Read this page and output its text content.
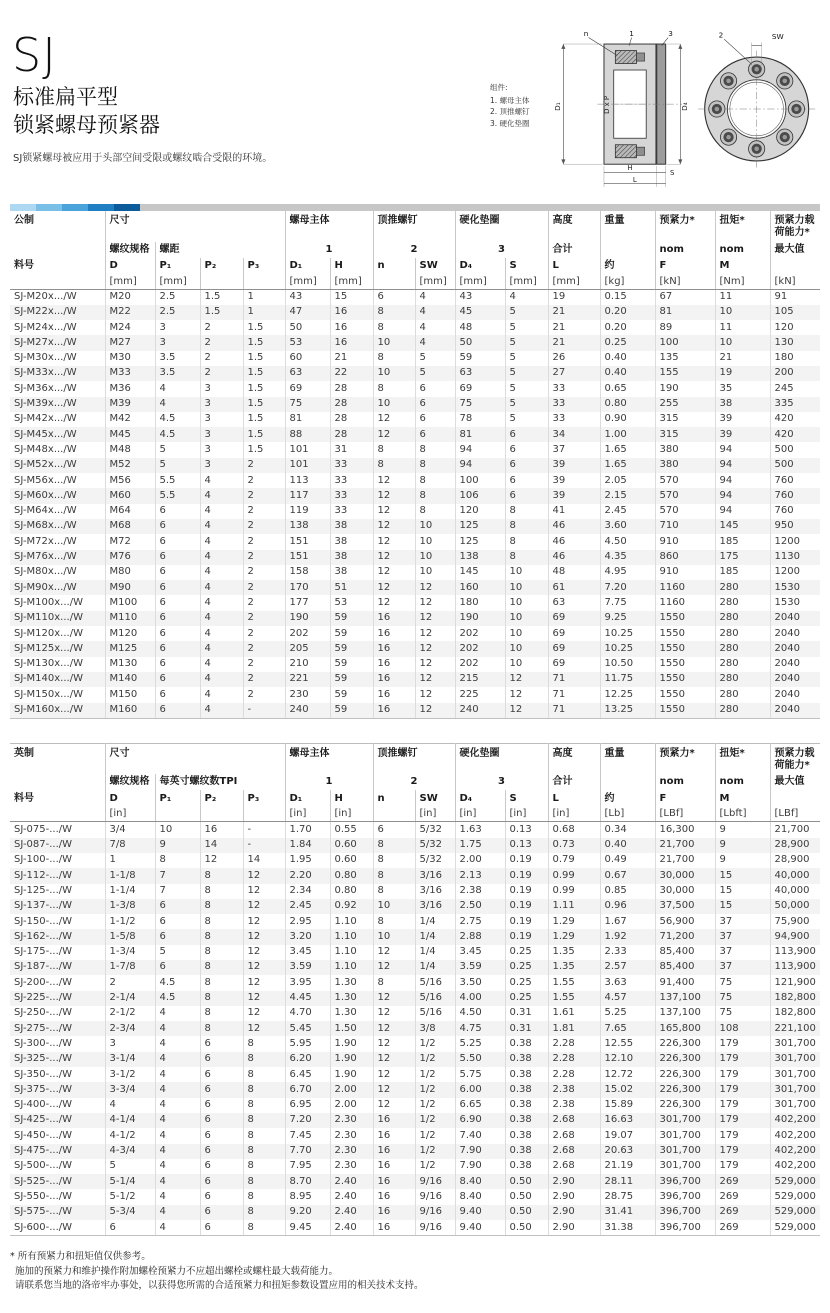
SJ
标准扁平型
锁紧螺母预紧器
SJ锁紧螺母被应用于头部空间受限或螺纹啮合受限的环境。
组件:
1. 螺母主体
2. 顶推螺钉
3. 硬化垫圈
D₁	D x P
n	1	3
D₄
H
S
L
2	SW
公制	尺寸				螺母主体		顶推螺钉		硬化垫圈		高度	重量	预紧力*	扭矩*	预紧力载荷能力*
	螺纹规格	螺距			1		2		3		合计		nom	nom	最大值
料号	D	P₁	P₂	P₃	D₁	H	n	SW	D₄	S	L	约	F	M	
	[mm]	[mm]			[mm]	[mm]		[mm]	[mm]	[mm]	[mm]	[kg]	[kN]	[Nm]	[kN]
SJ-M20x.../W	M20	2.5	1.5	1	43	15	6	4	43	4	19	0.15	67	11	91
SJ-M22x.../W	M22	2.5	1.5	1	47	16	8	4	45	5	21	0.20	81	10	105
SJ-M24x.../W	M24	3	2	1.5	50	16	8	4	48	5	21	0.20	89	11	120
SJ-M27x.../W	M27	3	2	1.5	53	16	10	4	50	5	21	0.25	100	10	130
SJ-M30x.../W	M30	3.5	2	1.5	60	21	8	5	59	5	26	0.40	135	21	180
SJ-M33x.../W	M33	3.5	2	1.5	63	22	10	5	63	5	27	0.40	155	19	200
SJ-M36x.../W	M36	4	3	1.5	69	28	8	6	69	5	33	0.65	190	35	245
SJ-M39x.../W	M39	4	3	1.5	75	28	10	6	75	5	33	0.80	255	38	335
SJ-M42x.../W	M42	4.5	3	1.5	81	28	12	6	78	5	33	0.90	315	39	420
SJ-M45x.../W	M45	4.5	3	1.5	88	28	12	6	81	6	34	1.00	315	39	420
SJ-M48x.../W	M48	5	3	1.5	101	31	8	8	94	6	37	1.65	380	94	500
SJ-M52x.../W	M52	5	3	2	101	33	8	8	94	6	39	1.65	380	94	500
SJ-M56x.../W	M56	5.5	4	2	113	33	12	8	100	6	39	2.05	570	94	760
SJ-M60x.../W	M60	5.5	4	2	117	33	12	8	106	6	39	2.15	570	94	760
SJ-M64x.../W	M64	6	4	2	119	33	12	8	120	8	41	2.45	570	94	760
SJ-M68x.../W	M68	6	4	2	138	38	12	10	125	8	46	3.60	710	145	950
SJ-M72x.../W	M72	6	4	2	151	38	12	10	125	8	46	4.50	910	185	1200
SJ-M76x.../W	M76	6	4	2	151	38	12	10	138	8	46	4.35	860	175	1130
SJ-M80x.../W	M80	6	4	2	158	38	12	10	145	10	48	4.95	910	185	1200
SJ-M90x.../W	M90	6	4	2	170	51	12	12	160	10	61	7.20	1160	280	1530
SJ-M100x.../W	M100	6	4	2	177	53	12	12	180	10	63	7.75	1160	280	1530
SJ-M110x.../W	M110	6	4	2	190	59	16	12	190	10	69	9.25	1550	280	2040
SJ-M120x.../W	M120	6	4	2	202	59	16	12	202	10	69	10.25	1550	280	2040
SJ-M125x.../W	M125	6	4	2	205	59	16	12	202	10	69	10.25	1550	280	2040
SJ-M130x.../W	M130	6	4	2	210	59	16	12	202	10	69	10.50	1550	280	2040
SJ-M140x.../W	M140	6	4	2	221	59	16	12	215	12	71	11.75	1550	280	2040
SJ-M150x.../W	M150	6	4	2	230	59	16	12	225	12	71	12.25	1550	280	2040
SJ-M160x.../W	M160	6	4	-	240	59	16	12	240	12	71	13.25	1550	280	2040
英制	尺寸				螺母主体		顶推螺钉		硬化垫圈		高度	重量	预紧力*	扭矩*	预紧力载荷能力*
	螺纹规格	每英寸螺纹数TPI			1		2		3		合计		nom	nom	最大值
料号	D	P₁	P₂	P₃	D₁	H	n	SW	D₄	S	L	约	F	M	
	[in]				[in]	[in]		[in]	[in]	[in]	[in]	[Lb]	[LBf]	[Lbft]	[LBf]
SJ-075-.../W	3/4	10	16	-	1.70	0.55	6	5/32	1.63	0.13	0.68	0.34	16,300	9	21,700
SJ-087-.../W	7/8	9	14	-	1.84	0.60	8	5/32	1.75	0.13	0.73	0.40	21,700	9	28,900
SJ-100-.../W	1	8	12	14	1.95	0.60	8	5/32	2.00	0.19	0.79	0.49	21,700	9	28,900
SJ-112-.../W	1-1/8	7	8	12	2.20	0.80	8	3/16	2.13	0.19	0.99	0.67	30,000	15	40,000
SJ-125-.../W	1-1/4	7	8	12	2.34	0.80	8	3/16	2.38	0.19	0.99	0.85	30,000	15	40,000
SJ-137-.../W	1-3/8	6	8	12	2.45	0.92	10	3/16	2.50	0.19	1.11	0.96	37,500	15	50,000
SJ-150-.../W	1-1/2	6	8	12	2.95	1.10	8	1/4	2.75	0.19	1.29	1.67	56,900	37	75,900
SJ-162-.../W	1-5/8	6	8	12	3.20	1.10	10	1/4	2.88	0.19	1.29	1.92	71,200	37	94,900
SJ-175-.../W	1-3/4	5	8	12	3.45	1.10	12	1/4	3.45	0.25	1.35	2.33	85,400	37	113,900
SJ-187-.../W	1-7/8	6	8	12	3.59	1.10	12	1/4	3.59	0.25	1.35	2.57	85,400	37	113,900
SJ-200-.../W	2	4.5	8	12	3.95	1.30	8	5/16	3.50	0.25	1.55	3.63	91,400	75	121,900
SJ-225-.../W	2-1/4	4.5	8	12	4.45	1.30	12	5/16	4.00	0.25	1.55	4.57	137,100	75	182,800
SJ-250-.../W	2-1/2	4	8	12	4.70	1.30	12	5/16	4.50	0.31	1.61	5.25	137,100	75	182,800
SJ-275-.../W	2-3/4	4	8	12	5.45	1.50	12	3/8	4.75	0.31	1.81	7.65	165,800	108	221,100
SJ-300-.../W	3	4	6	8	5.95	1.90	12	1/2	5.25	0.38	2.28	12.55	226,300	179	301,700
SJ-325-.../W	3-1/4	4	6	8	6.20	1.90	12	1/2	5.50	0.38	2.28	12.10	226,300	179	301,700
SJ-350-.../W	3-1/2	4	6	8	6.45	1.90	12	1/2	5.75	0.38	2.28	12.72	226,300	179	301,700
SJ-375-.../W	3-3/4	4	6	8	6.70	2.00	12	1/2	6.00	0.38	2.38	15.02	226,300	179	301,700
SJ-400-.../W	4	4	6	8	6.95	2.00	12	1/2	6.65	0.38	2.38	15.89	226,300	179	301,700
SJ-425-.../W	4-1/4	4	6	8	7.20	2.30	16	1/2	6.90	0.38	2.68	16.63	301,700	179	402,200
SJ-450-.../W	4-1/2	4	6	8	7.45	2.30	16	1/2	7.40	0.38	2.68	19.07	301,700	179	402,200
SJ-475-.../W	4-3/4	4	6	8	7.70	2.30	16	1/2	7.90	0.38	2.68	20.63	301,700	179	402,200
SJ-500-.../W	5	4	6	8	7.95	2.30	16	1/2	7.90	0.38	2.68	21.19	301,700	179	402,200
SJ-525-.../W	5-1/4	4	6	8	8.70	2.40	16	9/16	8.40	0.50	2.90	28.11	396,700	269	529,000
SJ-550-.../W	5-1/2	4	6	8	8.95	2.40	16	9/16	8.40	0.50	2.90	28.75	396,700	269	529,000
SJ-575-.../W	5-3/4	4	6	8	9.20	2.40	16	9/16	9.40	0.50	2.90	31.41	396,700	269	529,000
SJ-600-.../W	6	4	6	8	9.45	2.40	16	9/16	9.40	0.50	2.90	31.38	396,700	269	529,000
* 所有预紧力和扭矩值仅供参考。
施加的预紧力和维护操作附加螺栓预紧力不应超出螺栓或螺柱最大载荷能力。
请联系您当地的洛帝牢办事处，以获得您所需的合适预紧力和扭矩参数设置应用的相关技术支持。
